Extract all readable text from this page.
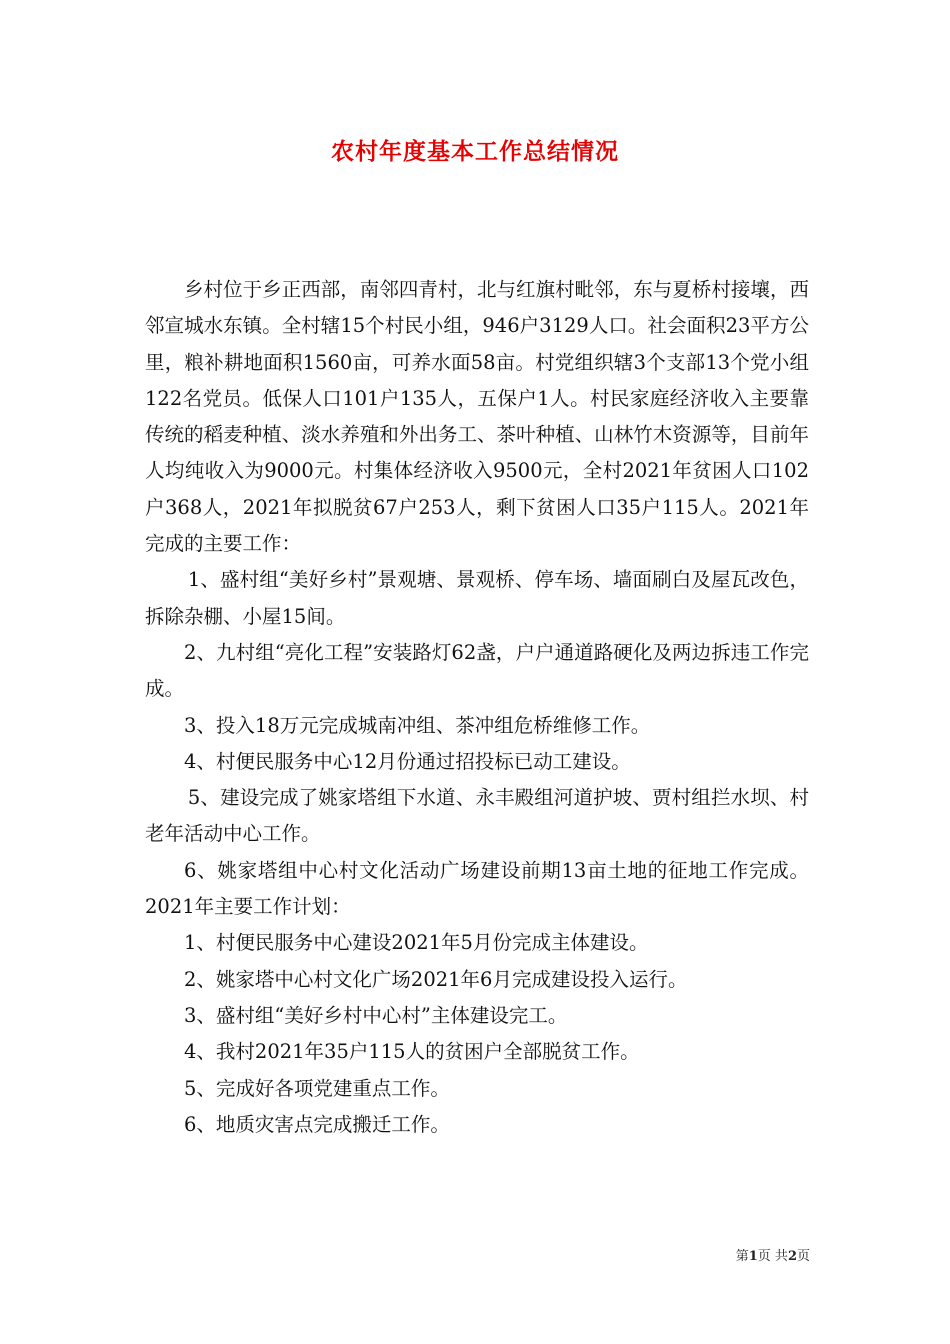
农村年度基本工作总结情况

乡村位于乡正西部，南邻四青村，北与红旗村毗邻，东与夏桥村接壤，西邻宣城水东镇。全村辖15个村民小组，946户3129人口。社会面积23平方公里，粮补耕地面积1560亩，可养水面58亩。村党组织辖3个支部13个党小组122名党员。低保人口101户135人，五保户1人。村民家庭经济收入主要靠传统的稻麦种植、淡水养殖和外出务工、茶叶种植、山林竹木资源等，目前年人均纯收入为9000元。村集体经济收入9500元，全村2021年贫困人口102户368人，2021年拟脱贫67户253人，剩下贫困人口35户115人。2021年完成的主要工作：

1、盛村组“美好乡村”景观塘、景观桥、停车场、墙面刷白及屋瓦改色，拆除杂棚、小屋15间。

2、九村组“亮化工程”安装路灯62盏，户户通道路硬化及两边拆违工作完成。

3、投入18万元完成城南冲组、茶冲组危桥维修工作。

4、村便民服务中心12月份通过招投标已动工建设。

5、建设完成了姚家塔组下水道、永丰殿组河道护坡、贾村组拦水坝、村老年活动中心工作。

6、姚家塔组中心村文化活动广场建设前期13亩土地的征地工作完成。2021年主要工作计划：

1、村便民服务中心建设2021年5月份完成主体建设。

2、姚家塔中心村文化广场2021年6月完成建设投入运行。

3、盛村组“美好乡村中心村”主体建设完工。

4、我村2021年35户115人的贫困户全部脱贫工作。

5、完成好各项党建重点工作。

6、地质灾害点完成搬迁工作。

第1页 共2页
